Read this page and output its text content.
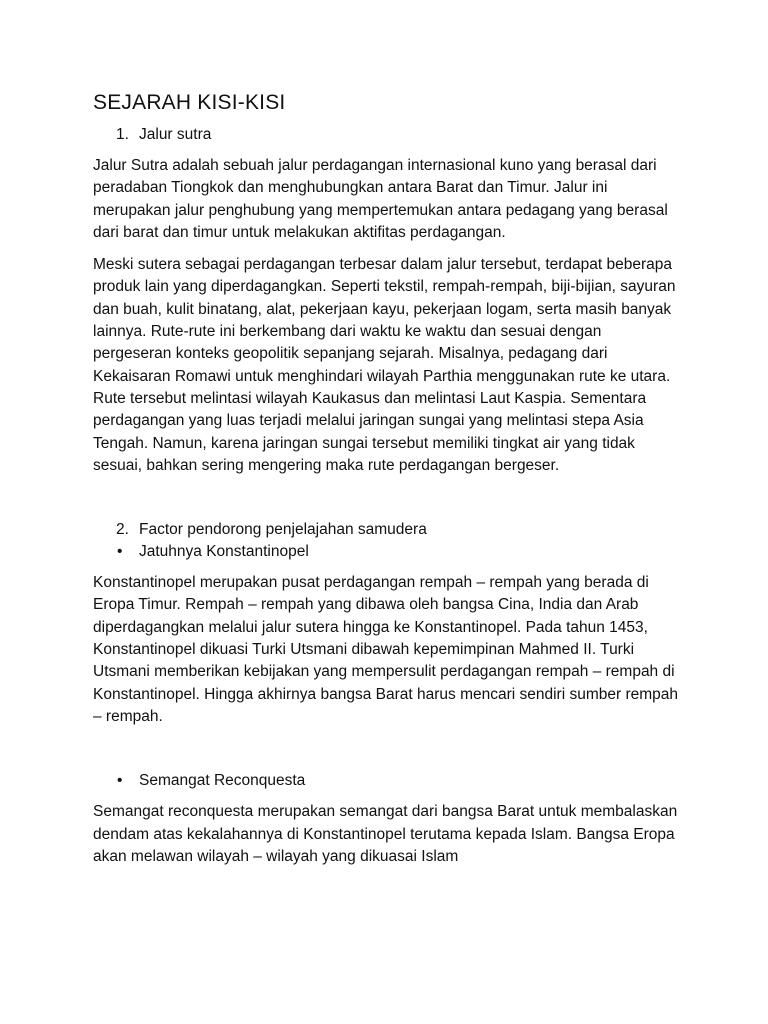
SEJARAH KISI-KISI
1. Jalur sutra

Jalur Sutra adalah sebuah jalur perdagangan internasional kuno yang berasal dari peradaban Tiongkok dan menghubungkan antara Barat dan Timur. Jalur ini merupakan jalur penghubung yang mempertemukan antara pedagang yang berasal dari barat dan timur untuk melakukan aktifitas perdagangan.

Meski sutera sebagai perdagangan terbesar dalam jalur tersebut, terdapat beberapa produk lain yang diperdagangkan. Seperti tekstil, rempah-rempah, biji-bijian, sayuran dan buah, kulit binatang, alat, pekerjaan kayu, pekerjaan logam, serta masih banyak lainnya. Rute-rute ini berkembang dari waktu ke waktu dan sesuai dengan pergeseran konteks geopolitik sepanjang sejarah. Misalnya, pedagang dari Kekaisaran Romawi untuk menghindari wilayah Parthia menggunakan rute ke utara. Rute tersebut melintasi wilayah Kaukasus dan melintasi Laut Kaspia. Sementara perdagangan yang luas terjadi melalui jaringan sungai yang melintasi stepa Asia Tengah. Namun, karena jaringan sungai tersebut memiliki tingkat air yang tidak sesuai, bahkan sering mengering maka rute perdagangan bergeser.

2. Factor pendorong penjelajahan samudera
• Jatuhnya Konstantinopel

Konstantinopel merupakan pusat perdagangan rempah – rempah yang berada di Eropa Timur. Rempah – rempah yang dibawa oleh bangsa Cina, India dan Arab diperdagangkan melalui jalur sutera hingga ke Konstantinopel. Pada tahun 1453, Konstantinopel dikuasi Turki Utsmani dibawah kepemimpinan Mahmed II. Turki Utsmani memberikan kebijakan yang mempersulit perdagangan rempah – rempah di Konstantinopel. Hingga akhirnya bangsa Barat harus mencari sendiri sumber rempah – rempah.

• Semangat Reconquesta

Semangat reconquesta merupakan semangat dari bangsa Barat untuk membalaskan dendam atas kekalahannya di Konstantinopel terutama kepada Islam. Bangsa Eropa akan melawan wilayah – wilayah yang dikuasai Islam
